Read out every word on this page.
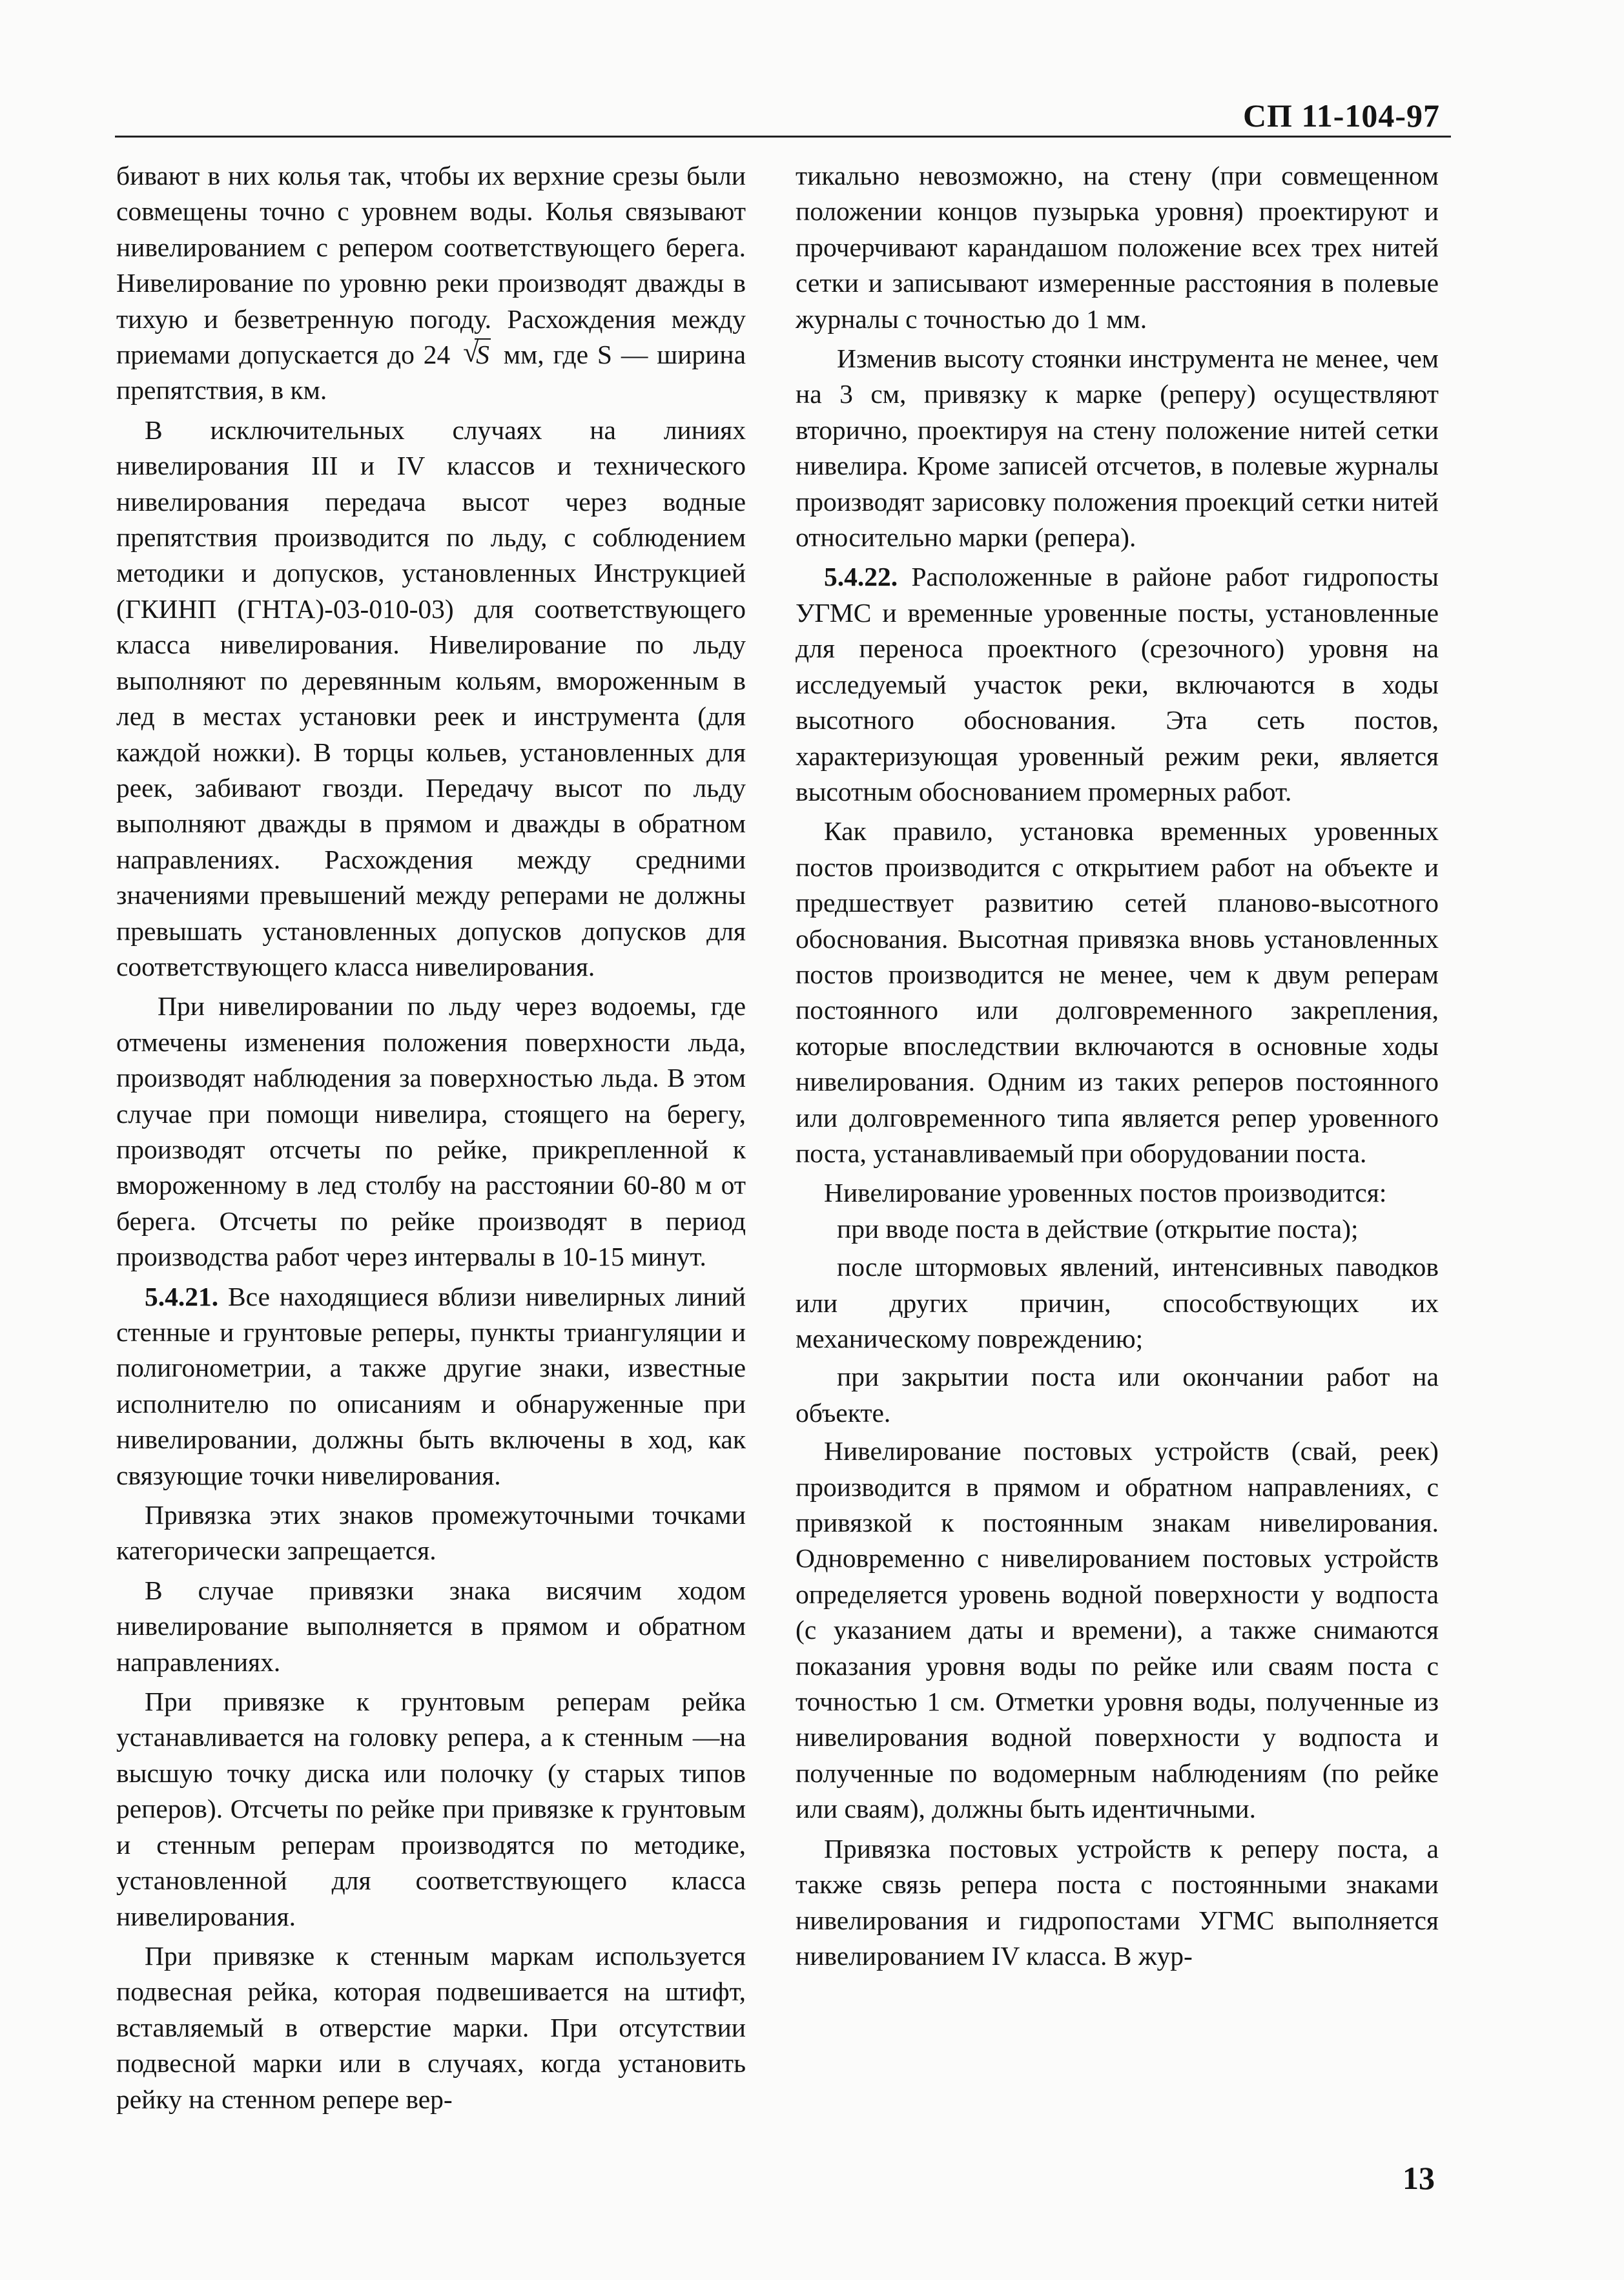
СП 11-104-97

бивают в них колья так, чтобы их верхние срезы были совмещены точно с уровнем воды. Колья связывают нивелированием с репером соответствующего берега. Нивелирование по уровню реки производят дважды в тихую и безветренную погоду. Расхождения между приемами допускается до 24 √ S мм, где S — ширина препятствия, в км.

В исключительных случаях на линиях нивелирования III и IV классов и технического нивелирования передача высот через водные препятствия производится по льду, с соблюдением методики и допусков, установленных Инструкцией (ГКИНП (ГНТА)-03-010-03) для соответствующего класса нивелирования. Нивелирование по льду выполняют по деревянным кольям, вмороженным в лед в местах установки реек и инструмента (для каждой ножки). В торцы кольев, установленных для реек, забивают гвозди. Передачу высот по льду выполняют дважды в прямом и дважды в обратном направлениях. Расхождения между средними значениями превышений между реперами не должны превышать установленных допусков допусков для соответствующего класса нивелирования.

При нивелировании по льду через водоемы, где отмечены изменения положения поверхности льда, производят наблюдения за поверхностью льда. В этом случае при помощи нивелира, стоящего на берегу, производят отсчеты по рейке, прикрепленной к вмороженному в лед столбу на расстоянии 60-80 м от берега. Отсчеты по рейке производят в период производства работ через интервалы в 10-15 минут.

5.4.21. Все находящиеся вблизи нивелирных линий стенные и грунтовые реперы, пункты триангуляции и полигонометрии, а также другие знаки, известные исполнителю по описаниям и обнаруженные при нивелировании, должны быть включены в ход, как связующие точки нивелирования.

Привязка этих знаков промежуточными точками категорически запрещается.

В случае привязки знака висячим ходом нивелирование выполняется в прямом и обратном направлениях.

При привязке к грунтовым реперам рейка устанавливается на головку репера, а к стенным —на высшую точку диска или полочку (у старых типов реперов). Отсчеты по рейке при привязке к грунтовым и стенным реперам производятся по методике, установленной для соответствующего класса нивелирования.

При привязке к стенным маркам используется подвесная рейка, которая подвешивается на штифт, вставляемый в отверстие марки. При отсутствии подвесной марки или в случаях, когда установить рейку на стенном репере вер-

тикально невозможно, на стену (при совмещенном положении концов пузырька уровня) проектируют и прочерчивают карандашом положение всех трех нитей сетки и записывают измеренные расстояния в полевые журналы с точностью до 1 мм.

Изменив высоту стоянки инструмента не менее, чем на 3 см, привязку к марке (реперу) осуществляют вторично, проектируя на стену положение нитей сетки нивелира. Кроме записей отсчетов, в полевые журналы производят зарисовку положения проекций сетки нитей относительно марки (репера).

5.4.22. Расположенные в районе работ гидропосты УГМС и временные уровенные посты, установленные для переноса проектного (срезочного) уровня на исследуемый участок реки, включаются в ходы высотного обоснования. Эта сеть постов, характеризующая уровенный режим реки, является высотным обоснованием промерных работ.

Как правило, установка временных уровенных постов производится с открытием работ на объекте и предшествует развитию сетей планово-высотного обоснования. Высотная привязка вновь установленных постов производится не менее, чем к двум реперам постоянного или долговременного закрепления, которые впоследствии включаются в основные ходы нивелирования. Одним из таких реперов постоянного или долговременного типа является репер уровенного поста, устанавливаемый при оборудовании поста.

Нивелирование уровенных постов производится:

при вводе поста в действие (открытие поста);

после штормовых явлений, интенсивных паводков или других причин, способствующих их механическому повреждению;

при закрытии поста или окончании работ на объекте.

Нивелирование постовых устройств (свай, реек) производится в прямом и обратном направлениях, с привязкой к постоянным знакам нивелирования. Одновременно с нивелированием постовых устройств определяется уровень водной поверхности у водпоста (с указанием даты и времени), а также снимаются показания уровня воды по рейке или сваям поста с точностью 1 см. Отметки уровня воды, полученные из нивелирования водной поверхности у водпоста и полученные по водомерным наблюдениям (по рейке или сваям), должны быть идентичными.

Привязка постовых устройств к реперу поста, а также связь репера поста с постоянными знаками нивелирования и гидропостами УГМС выполняется нивелированием IV класса. В жур-

13
